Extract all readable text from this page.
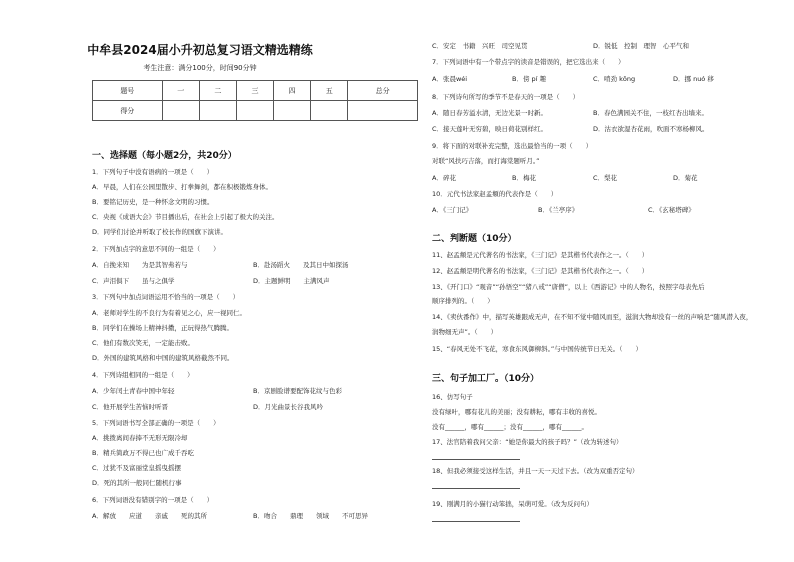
中牟县2024届小升初总复习语文精选精练
考生注意：满分100分，时间90分钟
题号	一	二	三	四	五	总分
得分						
一、选择题（每小题2分，共20分）
1．下列句子中没有语病的一项是（　　）
A．早晨，人们在公园里散步、打拳舞剑，都在积极锻炼身体。
B．要铭记历史，是一种怀念文明的习惯。
C．央视《成语大会》节目播出后，在社会上引起了极大的关注。
D．同学们讨论并听取了校长作的国旗下演讲。
2．下列加点字的意思不同的一组是（　　）
A．自挽来知　　为是其智弗若与	B．赴汤蹈火　　及其日中如探汤
C．声泪俱下　　虽与之俱学	D．主题鲜明　　主满风声
3．下列句中加点词语运用不恰当的一项是（　　）
A．老师对学生的不良行为有着见之心，应一视同仁。
B．同学们在操场上精神抖擞，正玩得热气腾腾。
C．他们有数次笑无，一定能击败。
D．外国的建筑风格和中国的建筑风格截然不同。
4．下列诗组相同的一组是（　　）
A．少年闰土青春中国中年轻	B．京剧脸谱要配饰花纹与色彩
C．他开展学生苦恼时听晋	D．月光曲景长谷我风吟
5．下列词语书写全部正确的一项是（　　）
A．挑拨离间春捧不无形无限冷却
B．精兵简政万不得已也广成千吞吃
C．过犹不及富丽堂皇摇曳摇摆
D．死的其所一般同仁随机行事
6．下列词语没有错别字的一项是（　　）
A．解放　　应道　　亲戚　　死的其所	B．吻合　　鼎理　　领域　　不可思异
C．安定　书籍　兴旺　司空见贯	D．锐低　控制　理智　心平气和
7．下列词语中有一个带点字的读音是错误的，把它选出来（　　）
A．张晨wéi	B．傍 pí 趣	C．啃劲 kōng	D．挪 nuó 移
8．下列诗句所写的季节不是春天的一项是（　　）
A．随日春芳溢水清，无边光景一时新。	B．春色满园关不住，一枝红杏出墙来。
C．接天莲叶无穷碧，映日荷花别样红。	D．沽衣欲湿杏花雨，吹面不寒杨柳风。
9．将下面的对联补充完整，选出最恰当的一项（　　）
对联“风扶巧吉落，而打海棠题听月。”
A．碎花	B．梅花	C．梨花	D．菊花
10．元代书法家赵孟頫的代表作是（　　）
A．《三门记》	B．《兰亭序》	C．《玄秘塔碑》
二、判断题（10分）
11、赵孟頫是元代著名的书法家，《三门记》是其楷书代表作之一。（　　）
12、赵孟頫是明代著名的书法家，《三门记》是其楷书代表作之一。（　　）
13、《开门口》“观音”“孙悟空”“猪八戒”“唐僧”，以上《西游记》中的人物名，按照字母表先后
顺序排列的。（　　）
14、《卖伙番作》中，描写英雄跟成无声，在不知不觉中随风而至，滋润大物却没有一丝的声响是“随风潜入夜，
润物细无声”。（　　）
15、“春风无处不飞花，寒食东风御柳斜。”与中国传统节日无关。（　　）
三、句子加工厂。（10分）
16、仿写句子
没有绿叶，哪有花儿的美丽；没有耕耘，哪有丰收的喜悦。
没有______，哪有______；没有______，哪有______。
17、法官陪着我问父亲：“她是你最大的孩子吗？”（改为转述句）
18、但我必须接受这样生活，并且一天一天过下去。（改为双重否定句）
19、刚满月的小猫行动笨拙，呆萌可爱。（改为反问句）
